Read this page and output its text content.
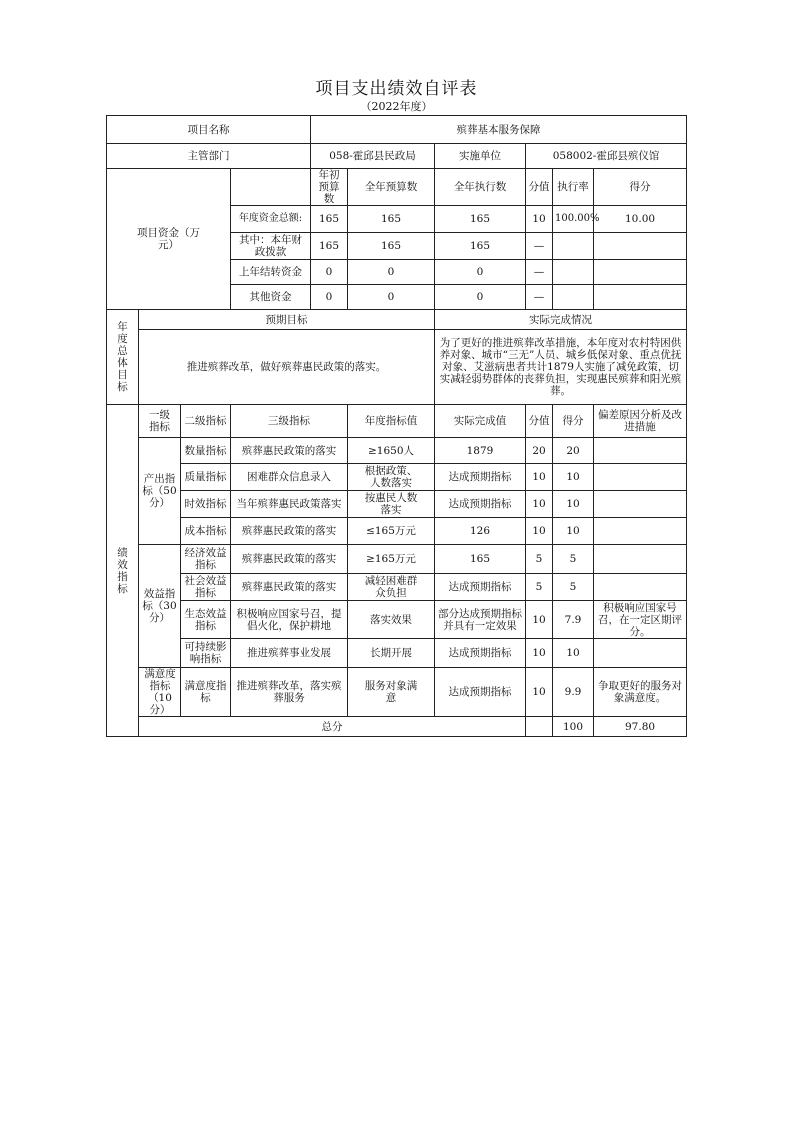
项目支出绩效自评表
（2022年度）
项目名称				殡葬基本服务保障						
主管部门				058-霍邱县民政局		实施单位	058002-霍邱县殡仪馆			

项目资金（万元）				年初预算数	全年预算数	全年执行数	分值	执行率	得分	
			年度资金总额:	165	165	165	10	100.00%	10.00	

			其中：本年财政拨款	165	165	165	—			
			上年结转资金	0	0	0	—			
			其他资金	0	0	0	—			

年度总体目标	预期目标					实际完成情况				
	推进殡葬改革，做好殡葬惠民政策的落实。					为了更好的推进殡葬改革措施，本年度对农村特困供养对象、城市“三无”人员、城乡低保对象、重点优抚对象、艾滋病患者共计1879人实施了减免政策，切实减轻弱势群体的丧葬负担，实现惠民殡葬和阳光殡葬。				

绩效指标	一级指标	二级指标	三级指标		年度指标值	实际完成值	分值	得分	偏差原因分析及改进措施	

	产出指标（50分）	数量指标	殡葬惠民政策的落实		≥1650人	1879	20	20		
		质量指标	困难群众信息录入		根据政策、人数落实	达成预期指标	10	10		
		时效指标	当年殡葬惠民政策落实		按惠民人数落实	达成预期指标	10	10		
		成本指标	殡葬惠民政策的落实		≤165万元	126	10	10		

	效益指标（30分）	经济效益指标	殡葬惠民政策的落实		≥165万元	165	5	5		
		社会效益指标	殡葬惠民政策的落实		减轻困难群众负担	达成预期指标	5	5		
		生态效益指标	积极响应国家号召，提倡火化，保护耕地		落实效果	部分达成预期指标并具有一定效果	10	7.9	积极响应国家号召，在一定区期评分。	
		可持续影响指标	推进殡葬事业发展		长期开展	达成预期指标	10	10		

	满意度指标（10分）	满意度指标	推进殡葬改革，落实殡葬服务		服务对象满意	达成预期指标	10	9.9	争取更好的服务对象满意度。	
	总分							100	97.80	
